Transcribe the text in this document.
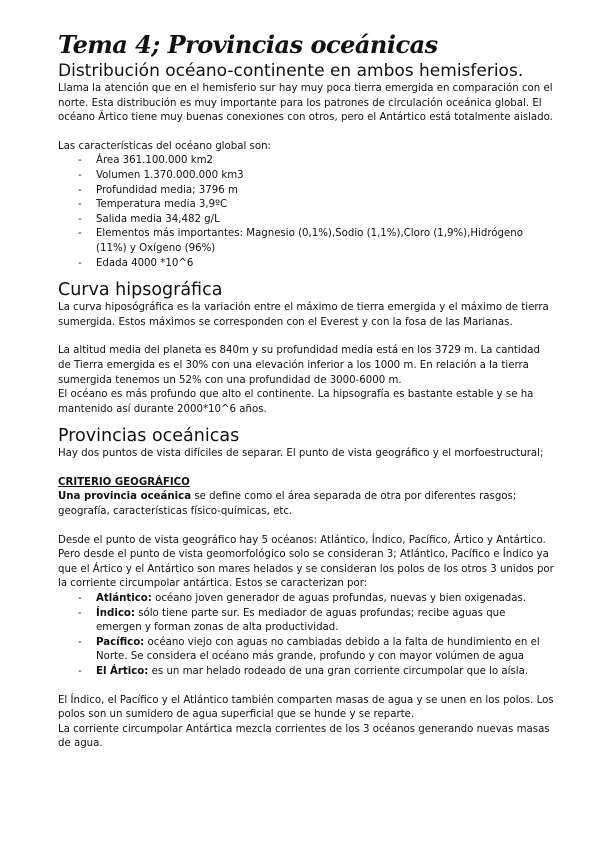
Tema 4; Provincias oceánicas
Distribución océano-continente en ambos hemisferios.

Llama la atención que en el hemisferio sur hay muy poca tierra emergida en comparación con el norte. Esta distribución es muy importante para los patrones de circulación oceánica global. El océano Ártico tiene muy buenas conexiones con otros, pero el Antártico está totalmente aislado.

Las características del océano global son:

- Área 361.100.000 km2
- Volumen 1.370.000.000 km3
- Profundidad media; 3796 m
- Temperatura media 3,9ºC
- Salida media 34,482 g/L
- Elementos más importantes: Magnesio (0,1%),Sodio (1,1%),Cloro (1,9%),Hidrógeno (11%) y Oxígeno (96%)
- Edada 4000 *10^6
Curva hipsográfica

La curva hiposógráfica es la variación entre el máximo de tierra emergida y el máximo de tierra sumergida. Estos máximos se corresponden con el Everest y con la fosa de las Marianas.

La altitud media del planeta es 840m y su profundidad media está en los 3729 m. La cantidad de Tierra emergida es el 30% con una elevación inferior a los 1000 m. En relación a la tierra sumergida tenemos un 52% con una profundidad de 3000-6000 m.

El océano es más profundo que alto el continente. La hipsografía es bastante estable y se ha mantenido así durante 2000*10^6 años.

Provincias oceánicas

Hay dos puntos de vista difíciles de separar. El punto de vista geográfico y el morfoestructural;

CRITERIO GEOGRÁFICO

Una provincia oceánica se define como el área separada de otra por diferentes rasgos; geografía, características físico-químicas, etc.

Desde el punto de vista geográfico hay 5 océanos: Atlántico, Índico, Pacífico, Ártico y Antártico. Pero desde el punto de vista geomorfológico solo se consideran 3; Atlántico, Pacífico e Índico ya que el Ártico y el Antártico son mares helados y se consideran los polos de los otros 3 unidos por la corriente circumpolar antártica. Estos se caracterizan por:

- Atlántico: océano joven generador de aguas profundas, nuevas y bien oxigenadas.
- Índico: sólo tiene parte sur. Es mediador de aguas profundas; recibe aguas que emergen y forman zonas de alta productividad.
- Pacífico: océano viejo con aguas no cambiadas debido a la falta de hundimiento en el Norte. Se considera el océano más grande, profundo y con mayor volúmen de agua
- El Ártico: es un mar helado rodeado de una gran corriente circumpolar que lo aísla.

El Índico, el Pacífico y el Atlántico también comparten masas de agua y se unen en los polos. Los polos son un sumidero de agua superficial que se hunde y se reparte.

La corriente circumpolar Antártica mezcla corrientes de los 3 océanos generando nuevas masas de agua.
